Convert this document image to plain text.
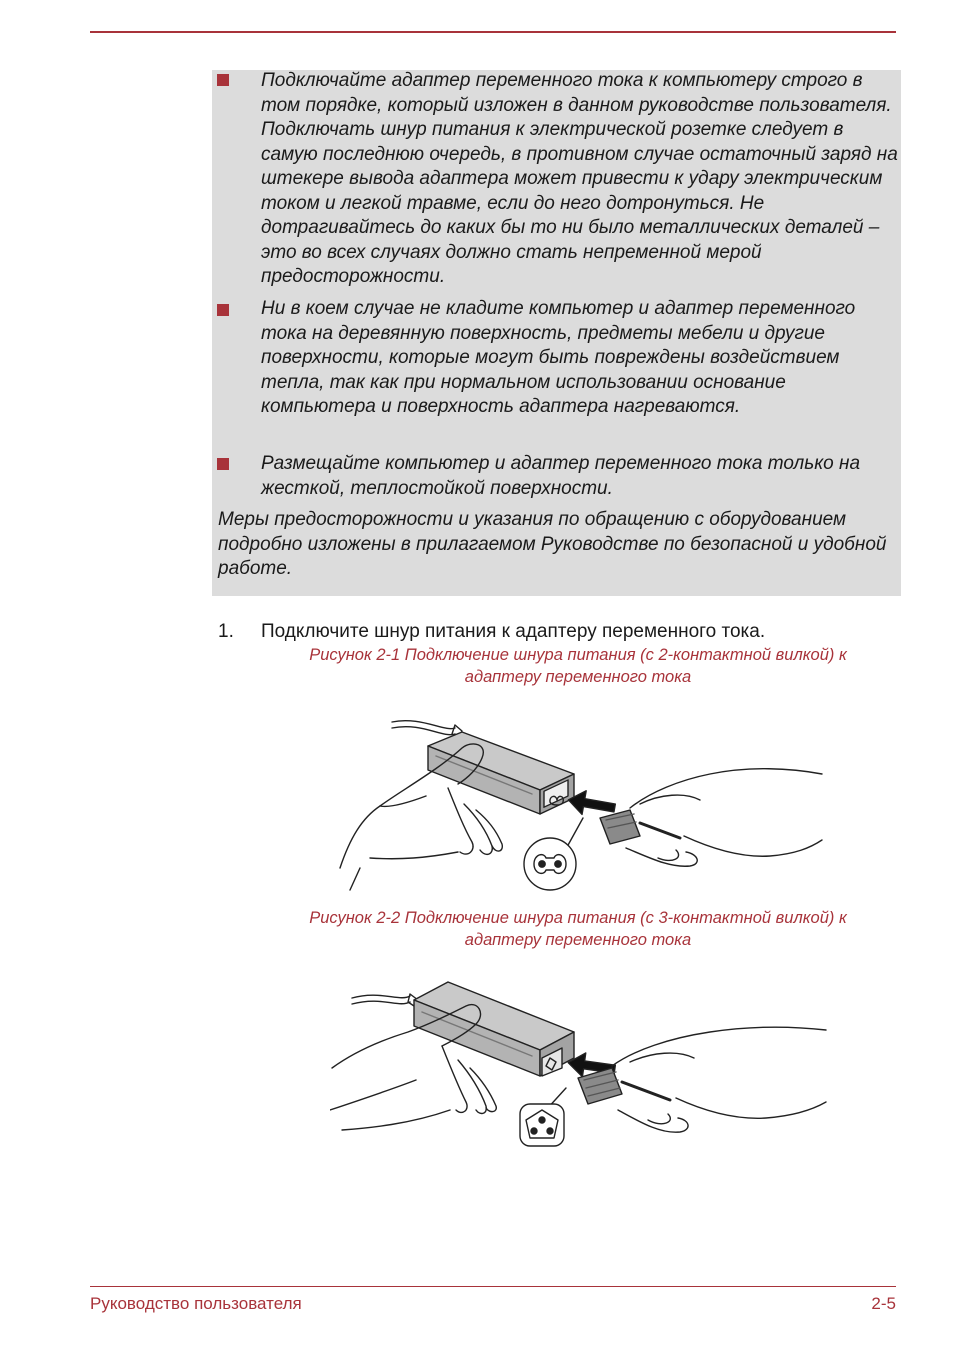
Подключайте адаптер переменного тока к компьютеру строго в том порядке, который изложен в данном руководстве пользователя. Подключать шнур питания к электрической розетке следует в самую последнюю очередь, в противном случае остаточный заряд на штекере вывода адаптера может привести к удару электрическим током и легкой травме, если до него дотронуться. Не дотрагивайтесь до каких бы то ни было металлических деталей – это во всех случаях должно стать непременной мерой предосторожности.
Ни в коем случае не кладите компьютер и адаптер переменного тока на деревянную поверхность, предметы мебели и другие поверхности, которые могут быть повреждены воздействием тепла, так как при нормальном использовании основание компьютера и поверхность адаптера нагреваются.
Размещайте компьютер и адаптер переменного тока только на жесткой, теплостойкой поверхности.
Меры предосторожности и указания по обращению с оборудованием подробно изложены в прилагаемом Руководстве по безопасной и удобной работе.
1. Подключите шнур питания к адаптеру переменного тока.
Рисунок 2-1 Подключение шнура питания (с 2-контактной вилкой) к
адаптеру переменного тока
Рисунок 2-2 Подключение шнура питания (с 3-контактной вилкой) к
адаптеру переменного тока
Руководство пользователя	2-5
